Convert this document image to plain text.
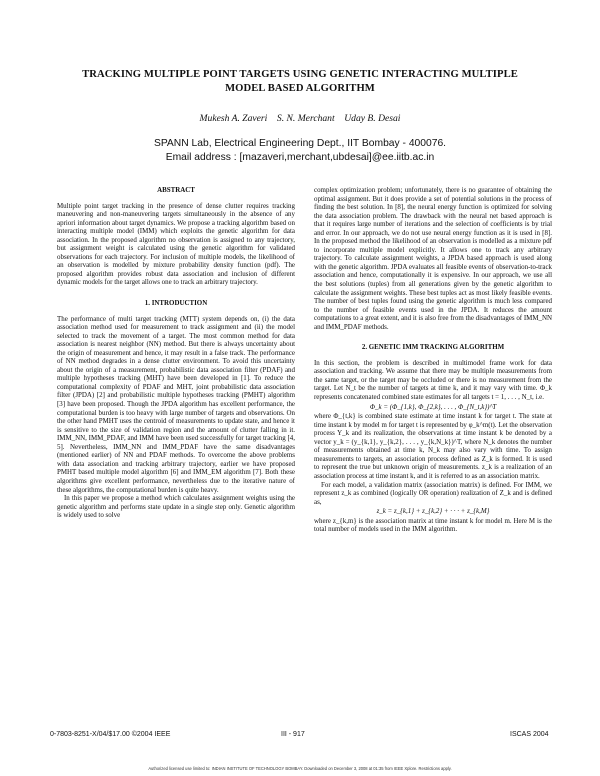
TRACKING MULTIPLE POINT TARGETS USING GENETIC INTERACTING MULTIPLE
MODEL BASED ALGORITHM
Mukesh A. Zaveri    S. N. Merchant    Uday B. Desai
SPANN Lab, Electrical Engineering Dept., IIT Bombay - 400076.
Email address : [mazaveri,merchant,ubdesai]@ee.iitb.ac.in
ABSTRACT

Multiple point target tracking in the presence of dense clutter requires tracking maneuvering and non-maneuvering targets simultaneously in the absence of any apriori information about target dynamics. We propose a tracking algorithm based on interacting multiple model (IMM) which exploits the genetic algorithm for data association. In the proposed algorithm no observation is assigned to any trajectory, but assignment weight is calculated using the genetic algorithm for validated observations for each trajectory. For inclusion of multiple models, the likelihood of an observation is modelled by mixture probability density function (pdf). The proposed algorithm provides robust data association and inclusion of different dynamic models for the target allows one to track an arbitrary trajectory.

1. INTRODUCTION

The performance of multi target tracking (MTT) system depends on, (i) the data association method used for measurement to track assignment and (ii) the model selected to track the movement of a target. The most common method for data association is nearest neighbor (NN) method. But there is always uncertainty about the origin of measurement and hence, it may result in a false track. The performance of NN method degrades in a dense clutter environment. To avoid this uncertainty about the origin of a measurement, probabilistic data association filter (PDAF) and multiple hypotheses tracking (MHT) have been developed in [1]. To reduce the computational complexity of PDAF and MHT, joint probabilistic data association filter (JPDA) [2] and probabilistic multiple hypotheses tracking (PMHT) algorithm [3] have been proposed. Though the JPDA algorithm has excellent performance, the computational burden is too heavy with large number of targets and observations. On the other hand PMHT uses the centroid of measurements to update state, and hence it is sensitive to the size of validation region and the amount of clutter falling in it. IMM_NN, IMM_PDAF, and IMM have been used successfully for target tracking [4, 5]. Nevertheless, IMM_NN and IMM_PDAF have the same disadvantages (mentioned earlier) of NN and PDAF methods. To overcome the above problems with data association and tracking arbitrary trajectory, earlier we have proposed PMHT based multiple model algorithm [6] and IMM_EM algorithm [7]. Both these algorithms give excellent performance, nevertheless due to the iterative nature of these algorithms, the computational burden is quite heavy.

In this paper we propose a method which calculates assignment weights using the genetic algorithm and performs state update in a single step only. Genetic algorithm is widely used to solve

complex optimization problem; unfortunately, there is no guarantee of obtaining the optimal assignment. But it does provide a set of potential solutions in the process of finding the best solution. In [8], the neural energy function is optimized for solving the data association problem. The drawback with the neural net based approach is that it requires large number of iterations and the selection of coefficients is by trial and error. In our approach, we do not use neural energy function as it is used in [8]. In the proposed method the likelihood of an observation is modelled as a mixture pdf to incorporate multiple model explicitly. It allows one to track any arbitrary trajectory. To calculate assignment weights, a JPDA based approach is used along with the genetic algorithm. JPDA evaluates all feasible events of observation-to-track association and hence, computationally it is expensive. In our approach, we use all the best solutions (tuples) from all generations given by the genetic algorithm to calculate the assignment weights. These best tuples act as most likely feasible events. The number of best tuples found using the genetic algorithm is much less compared to the number of feasible events used in the JPDA. It reduces the amount computations to a great extent, and it is also free from the disadvantages of IMM_NN and IMM_PDAF methods.

2. GENETIC IMM TRACKING ALGORITHM

In this section, the problem is described in multimodel frame work for data association and tracking. We assume that there may be multiple measurements from the same target, or the target may be occluded or there is no measurement from the target. Let N_t be the number of targets at time k, and it may vary with time. Φ_k represents concatenated combined state estimates for all targets t = 1, . . . , N_t, i.e.

Φ_k = (Φ_{1,k}, Φ_{2,k}, . . . , Φ_{N_t,k})^T

where Φ_{t,k} is combined state estimate at time instant k for target t. The state at time instant k by model m for target t is represented by φ_k^m(t). Let the observation process Y_k and its realization, the observations at time instant k be denoted by a vector y_k = (y_{k,1}, y_{k,2}, . . . , y_{k,N_k})^T, where N_k denotes the number of measurements obtained at time k, N_k may also vary with time. To assign measurements to targets, an association process defined as Z_k is formed. It is used to represent the true but unknown origin of measurements. z_k is a realization of an association process at time instant k, and it is referred to as an association matrix.

For each model, a validation matrix (association matrix) is defined. For IMM, we represent z_k as combined (logically OR operation) realization of Z_k and is defined as,

z_k = z_{k,1} + z_{k,2} + · · · + z_{k,M}

where z_{k,m} is the association matrix at time instant k for model m. Here M is the total number of models used in the IMM algorithm.

0-7803-8251-X/04/$17.00 ©2004 IEEE	III - 917	ISCAS 2004
Authorized licensed use limited to: INDIAN INSTITUTE OF TECHNOLOGY BOMBAY. Downloaded on December 3, 2008 at 01:35 from IEEE Xplore. Restrictions apply.
